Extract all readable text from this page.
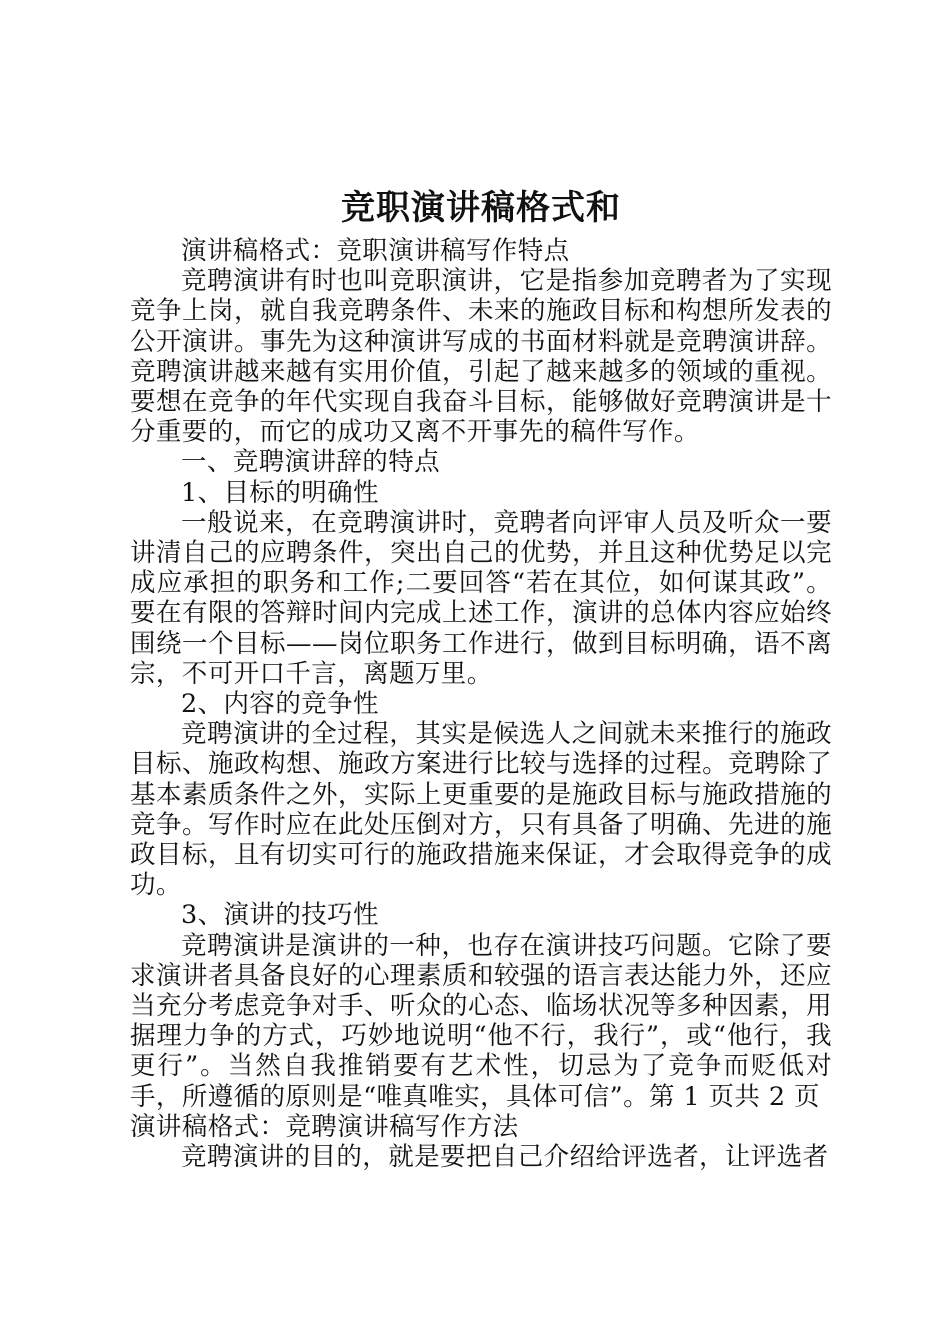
竞职演讲稿格式和

演讲稿格式：竞职演讲稿写作特点

竞聘演讲有时也叫竞职演讲，它是指参加竞聘者为了实现竞争上岗，就自我竞聘条件、未来的施政目标和构想所发表的公开演讲。事先为这种演讲写成的书面材料就是竞聘演讲辞。竞聘演讲越来越有实用价值，引起了越来越多的领域的重视。要想在竞争的年代实现自我奋斗目标，能够做好竞聘演讲是十分重要的，而它的成功又离不开事先的稿件写作。

一、竞聘演讲辞的特点

1、目标的明确性

一般说来，在竞聘演讲时，竞聘者向评审人员及听众一要讲清自己的应聘条件，突出自己的优势，并且这种优势足以完成应承担的职务和工作;二要回答“若在其位，如何谋其政”。要在有限的答辩时间内完成上述工作，演讲的总体内容应始终围绕一个目标——岗位职务工作进行，做到目标明确，语不离宗，不可开口千言，离题万里。

2、内容的竞争性

竞聘演讲的全过程，其实是候选人之间就未来推行的施政目标、施政构想、施政方案进行比较与选择的过程。竞聘除了基本素质条件之外，实际上更重要的是施政目标与施政措施的竞争。写作时应在此处压倒对方，只有具备了明确、先进的施政目标，且有切实可行的施政措施来保证，才会取得竞争的成功。

3、演讲的技巧性

竞聘演讲是演讲的一种，也存在演讲技巧问题。它除了要求演讲者具备良好的心理素质和较强的语言表达能力外，还应当充分考虑竞争对手、听众的心态、临场状况等多种因素，用据理力争的方式，巧妙地说明“他不行，我行”，或“他行，我更行”。当然自我推销要有艺术性，切忌为了竞争而贬低对手，所遵循的原则是“唯真唯实，具体可信”。第 1 页共 2 页

演讲稿格式：竞聘演讲稿写作方法

竞聘演讲的目的，就是要把自己介绍给评选者，让评选者
